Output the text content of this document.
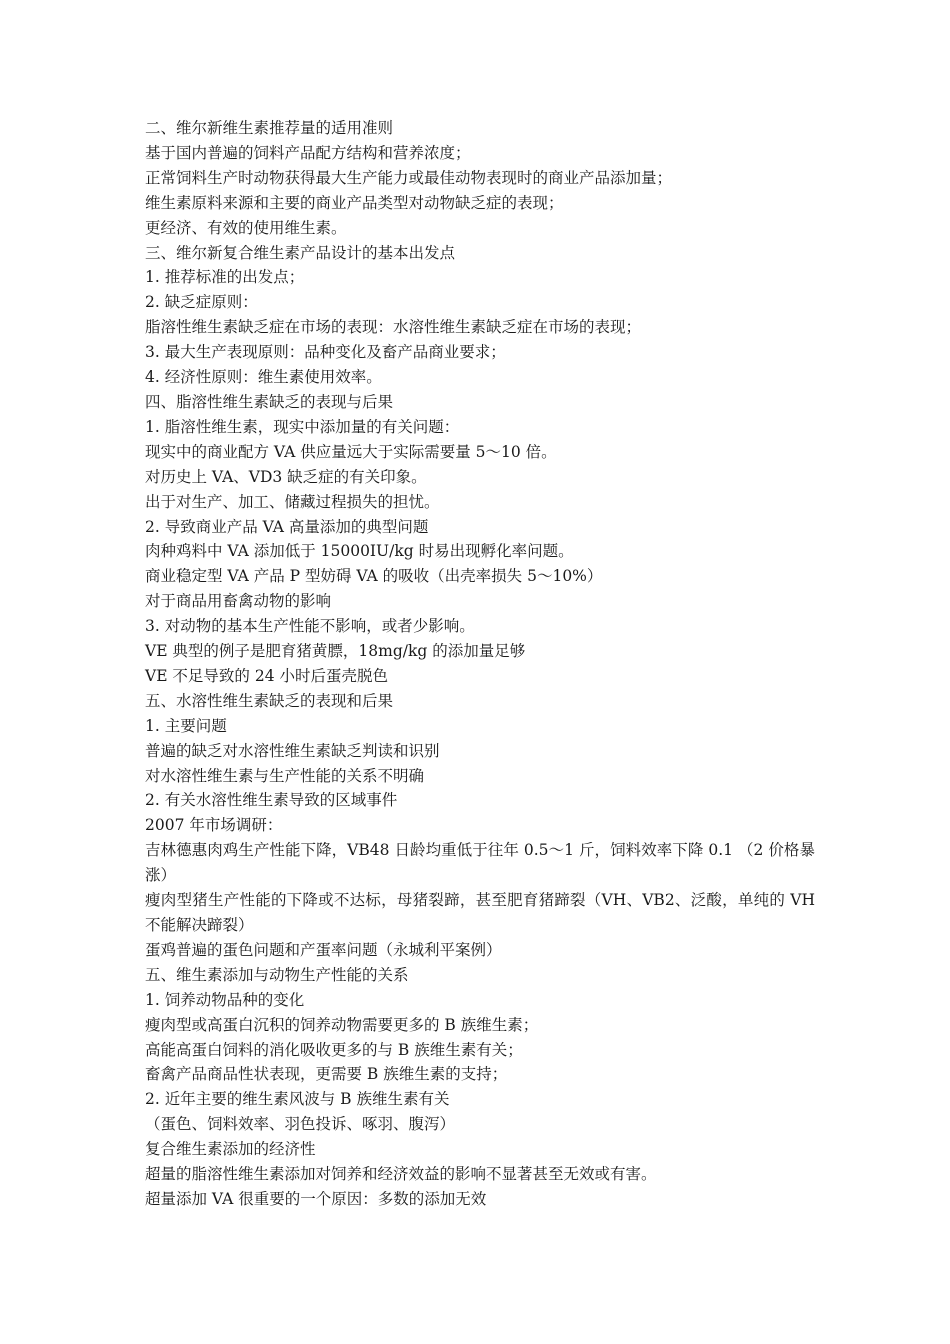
二、维尔新维生素推荐量的适用准则

基于国内普遍的饲料产品配方结构和营养浓度；

正常饲料生产时动物获得最大生产能力或最佳动物表现时的商业产品添加量；

维生素原料来源和主要的商业产品类型对动物缺乏症的表现；

更经济、有效的使用维生素。

三、维尔新复合维生素产品设计的基本出发点

1. 推荐标准的出发点；

2. 缺乏症原则：

脂溶性维生素缺乏症在市场的表现：水溶性维生素缺乏症在市场的表现；

3. 最大生产表现原则：品种变化及畜产品商业要求；

4. 经济性原则：维生素使用效率。

四、脂溶性维生素缺乏的表现与后果

1. 脂溶性维生素，现实中添加量的有关问题：

现实中的商业配方 VA 供应量远大于实际需要量 5～10 倍。

对历史上 VA、VD3 缺乏症的有关印象。

出于对生产、加工、储藏过程损失的担忧。

2. 导致商业产品 VA 高量添加的典型问题

肉种鸡料中 VA 添加低于 15000IU/kg 时易出现孵化率问题。

商业稳定型 VA 产品 P 型妨碍 VA 的吸收（出壳率损失 5～10%）

对于商品用畜禽动物的影响

3. 对动物的基本生产性能不影响，或者少影响。

VE 典型的例子是肥育猪黄膘，18mg/kg 的添加量足够

VE 不足导致的 24 小时后蛋壳脱色

五、水溶性维生素缺乏的表现和后果

1. 主要问题

普遍的缺乏对水溶性维生素缺乏判读和识别

对水溶性维生素与生产性能的关系不明确

2. 有关水溶性维生素导致的区域事件

2007 年市场调研：

吉林德惠肉鸡生产性能下降，VB48 日龄均重低于往年 0.5～1 斤，饲料效率下降 0.1 （2 价格暴涨）

瘦肉型猪生产性能的下降或不达标，母猪裂蹄，甚至肥育猪蹄裂（VH、VB2、泛酸，单纯的 VH 不能解决蹄裂）

蛋鸡普遍的蛋色问题和产蛋率问题（永城利平案例）

五、维生素添加与动物生产性能的关系

1. 饲养动物品种的变化

瘦肉型或高蛋白沉积的饲养动物需要更多的 B 族维生素；

高能高蛋白饲料的消化吸收更多的与 B 族维生素有关；

畜禽产品商品性状表现，更需要 B 族维生素的支持；

2. 近年主要的维生素风波与 B 族维生素有关

（蛋色、饲料效率、羽色投诉、啄羽、腹泻）

复合维生素添加的经济性

超量的脂溶性维生素添加对饲养和经济效益的影响不显著甚至无效或有害。

超量添加 VA 很重要的一个原因：多数的添加无效
